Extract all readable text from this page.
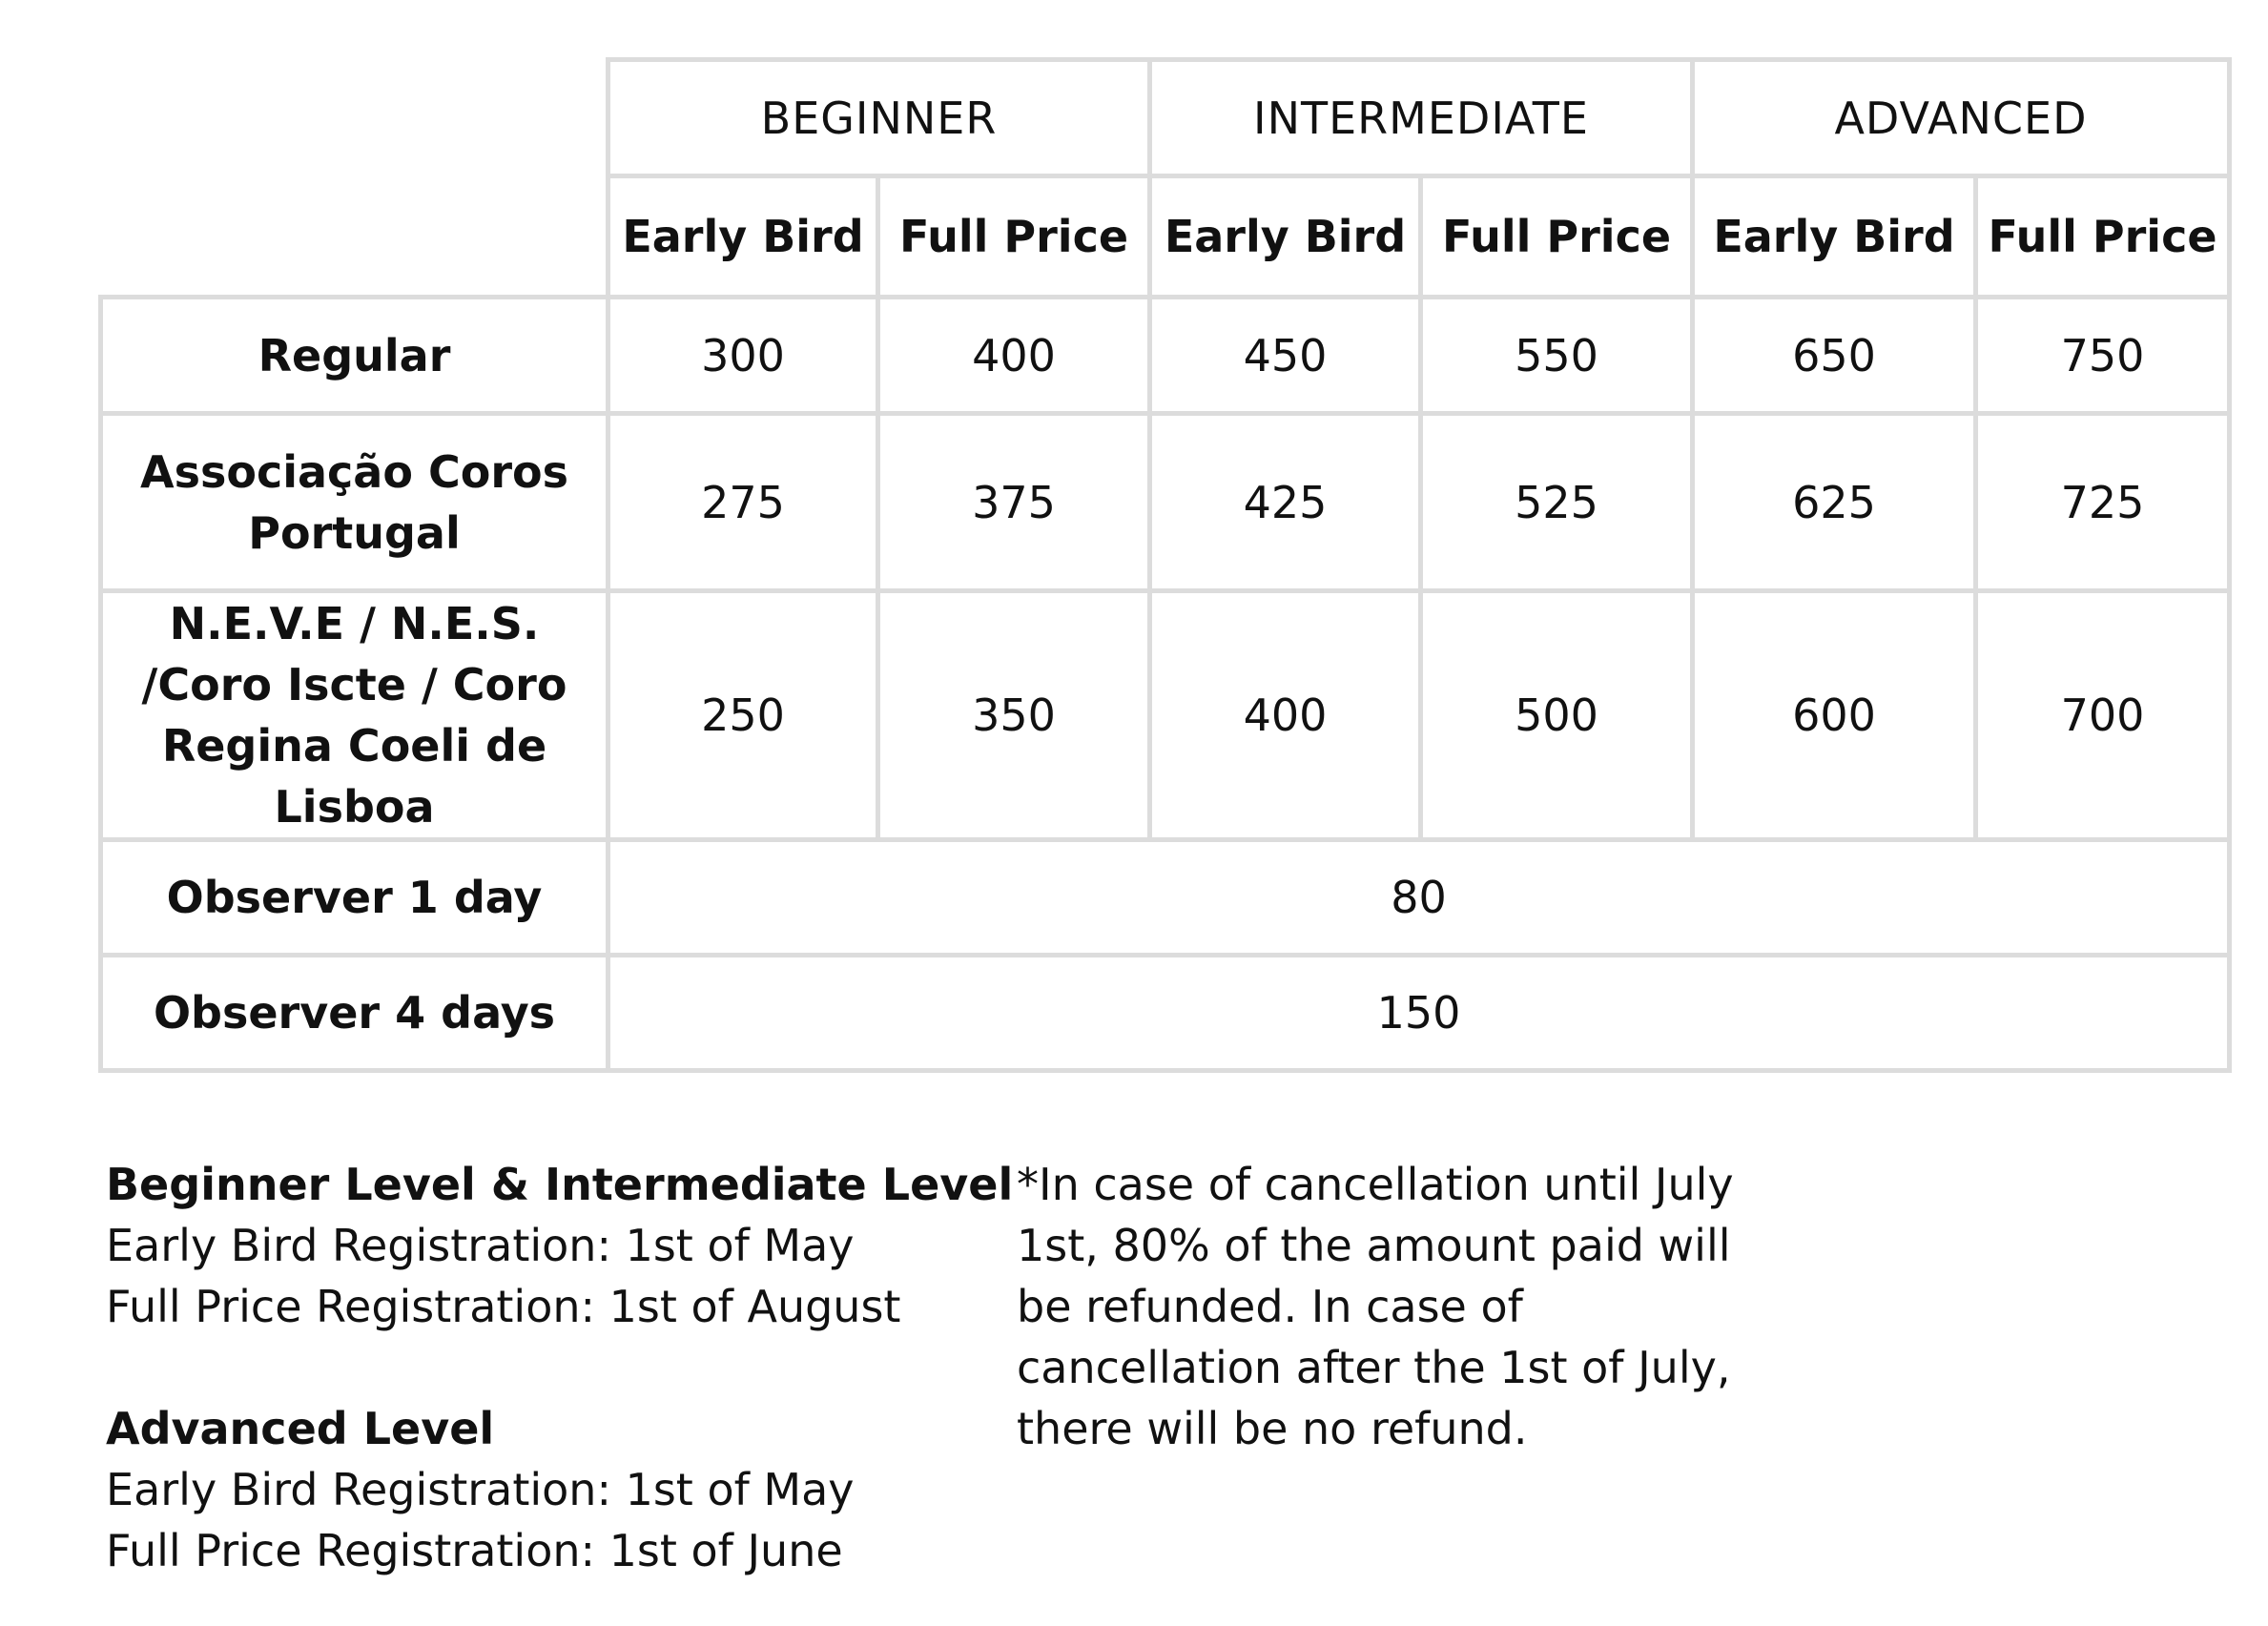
	BEGINNER		INTERMEDIATE		ADVANCED	
	Early Bird	Full Price	Early Bird	Full Price	Early Bird	Full Price
Regular	300	400	450	550	650	750
Associação Coros Portugal	275	375	425	525	625	725
N.E.V.E / N.E.S. /Coro Iscte / Coro Regina Coeli de Lisboa	250	350	400	500	600	700
Observer 1 day	80					
Observer 4 days	150					
Beginner Level & Intermediate Level
Early Bird Registration: 1st of May
Full Price Registration: 1st of August
Advanced Level
Early Bird Registration: 1st of May
Full Price Registration: 1st of June
*In case of cancellation until July 1st, 80% of the amount paid will be refunded. In case of cancellation after the 1st of July, there will be no refund.
